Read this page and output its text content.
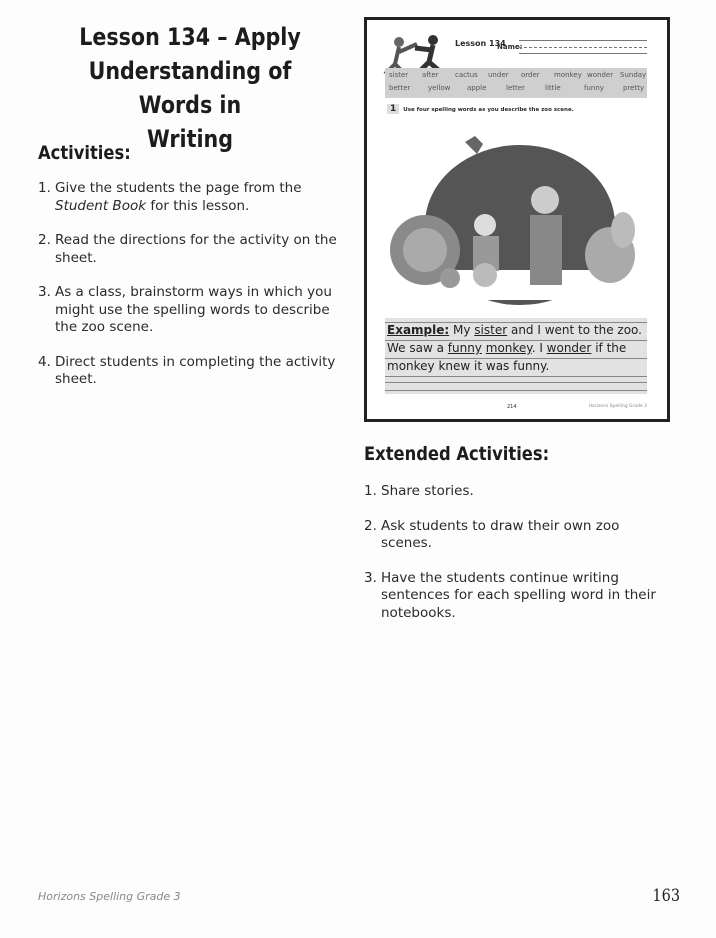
Lesson 134 – Apply
Understanding of Words in
Writing
Activities:
1. Give the students the page from the Student Book for this lesson.
2. Read the directions for the activity on the sheet.
3. As a class, brainstorm ways in which you might use the spelling words to describe the zoo scene.
4. Direct students in completing the activity sheet.
Lesson 134
Name:
sister after cactus under order monkey wonder Sunday
better	yellow apple	letter	little	funny	pretty
1 Use four spelling words as you describe the zoo scene.
Example: My sister and I went to the zoo.
We saw a funny monkey. I wonder if the
monkey knew it was funny.
214	Horizons Spelling Grade 3
Extended Activities:
1. Share stories.
2. Ask students to draw their own zoo scenes.
3. Have the students continue writing sentences for each spelling word in their notebooks.
Horizons Spelling Grade 3	163
